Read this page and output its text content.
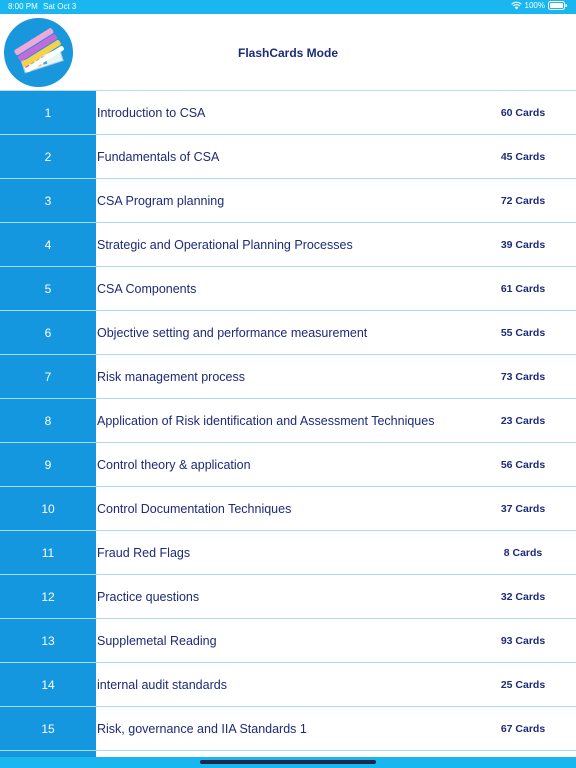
8:00 PM Sat Oct 3	100%
FlashCards Mode
1	Introduction to CSA	60 Cards
2	Fundamentals of CSA	45 Cards
3	CSA Program planning	72 Cards
4	Strategic and Operational Planning Processes	39 Cards
5	CSA Components	61 Cards
6	Objective setting and performance measurement	55 Cards
7	Risk management process	73 Cards
8	Application of Risk identification and Assessment Techniques	23 Cards
9	Control theory & application	56 Cards
10	Control Documentation Techniques	37 Cards
11	Fraud Red Flags	8 Cards
12	Practice questions	32 Cards
13	Supplemetal Reading	93 Cards
14	internal audit standards	25 Cards
15	Risk, governance and IIA Standards 1	67 Cards
